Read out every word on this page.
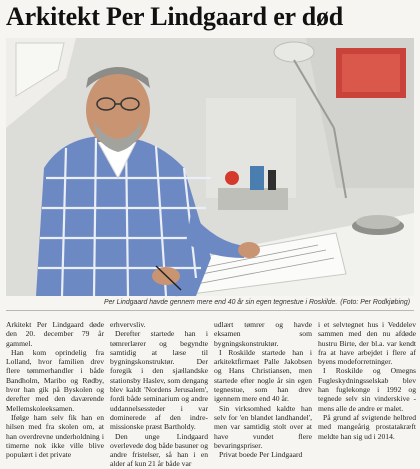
Arkitekt Per Lindgaard er død
Per Lindgaard havde gennem mere end 40 år sin egen tegnestue i Roskilde. (Foto: Per Rodkjøbing)

Arkitekt Per Lindgaard døde den 20. december 79 år gammel.

Han kom oprindelig fra Lolland, hvor familien drev flere tømmerhandler i både Bandholm, Maribo og Rødby, hvor han gik på Byskolen og derefter med den daværende Mellemskoleeksamen.

Ifølge ham selv fik han en hilsen med fra skolen om, at han overdrevne underholdning i timerne nok ikke ville blive populært i det private

erhvervsliv.

Derefter startede han i tømrerlærer og begyndte samtidig at læse til bygningskonstruktør. Der foregik i den sjællandske stationsby Haslev, som dengang blev kaldt 'Nordens Jerusalem', fordi både seminarium og andre uddannelsessteder i var dominerede af den indre-missionske præst Bartholdy.

Den unge Lindgaard overlevede dog både basuner og andre fristelser, så han i en alder af kun 21 år både var

udlært tømrer og havde eksamen som bygningskonstruktør.

I Roskilde startede han i arkitektfirmaet Palle Jakobsen og Hans Christiansen, men startede efter nogle år sin egen tegnestue, som han drev igennem mere end 40 år.

Sin virksomhed kaldte han selv for 'en blandet landhandel', men var samtidig stolt over at have vundet flere bevaringspriser.

Privat boede Per Lindgaard

i et selvtegnet hus i Veddelev sammen med den nu afdøde hustru Birte, der bl.a. var kendt fra at have arbejdet i flere af byens modeforretninger.

I Roskilde og Omegns Fugleskydningsselskab blev han fuglekonge i 1992 og tegnede selv sin vinderskive - mens alle de andre er malet.

På grund af svigtende helbred med mangeårig prostatakræft meldte han sig ud i 2014.
